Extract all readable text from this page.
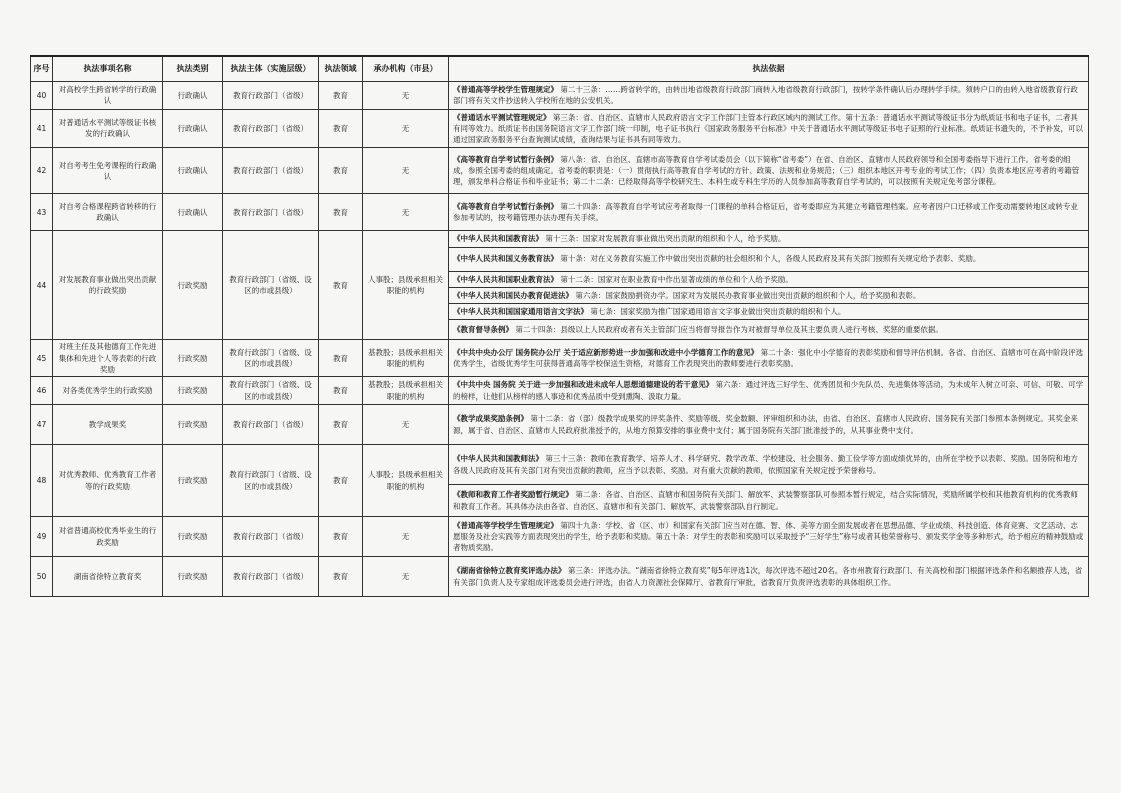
序号	执法事项名称	执法类别	执法主体（实施层级）	执法领域	承办机构（市县）	执法依据
40	对高校学生跨省转学的行政确认	行政确认	教育行政部门（省级）	教育	无	《普通高等学校学生管理规定》 第二十三条：……跨省转学的，由转出地省级教育行政部门商转入地省级教育行政部门，按转学条件确认后办理转学手续。须转户口的由转入地省级教育行政部门将有关文件抄送转入学校所在地的公安机关。
41	对普通话水平测试等级证书核发的行政确认	行政确认	教育行政部门（省级）	教育	无	《普通话水平测试管理规定》 第三条：省、自治区、直辖市人民政府语言文字工作部门主管本行政区域内的测试工作。第十五条：普通话水平测试等级证书分为纸质证书和电子证书，二者具有同等效力。纸质证书由国务院语言文字工作部门统一印制，电子证书执行《国家政务服务平台标准》中关于普通话水平测试等级证书电子证照的行业标准。纸质证书遗失的，不予补发，可以通过国家政务服务平台查询测试成绩，查询结果与证书具有同等效力。
42	对自考考生免考课程的行政确认	行政确认	教育行政部门（省级）	教育	无	《高等教育自学考试暂行条例》 第八条：省、自治区、直辖市高等教育自学考试委员会（以下简称“省考委”）在省、自治区、直辖市人民政府领导和全国考委指导下进行工作。省考委的组成，参照全国考委的组成确定。省考委的职责是：（一）贯彻执行高等教育自学考试的方针、政策、法规和业务规范；（三）组织本地区开考专业的考试工作；（四）负责本地区应考者的考籍管理，颁发单科合格证书和毕业证书；第二十二条：已经取得高等学校研究生、本科生或专科生学历的人员参加高等教育自学考试的，可以按照有关规定免考部分课程。
43	对自考合格课程跨省转移的行政确认	行政确认	教育行政部门（省级）	教育	无	《高等教育自学考试暂行条例》 第二十四条：高等教育自学考试应考者取得一门课程的单科合格证后，省考委即应为其建立考籍管理档案。应考者因户口迁移或工作变动需要转地区或转专业参加考试的，按考籍管理办法办理有关手续。
44	对发展教育事业做出突出贡献的行政奖励	行政奖励	教育行政部门（省级、设区的市或县级）	教育	人事股；县级承担相关职能的机构	《中华人民共和国教育法》 第十三条：国家对发展教育事业做出突出贡献的组织和个人，给予奖励。
						《中华人民共和国义务教育法》 第十条：对在义务教育实施工作中做出突出贡献的社会组织和个人，各级人民政府及其有关部门按照有关规定给予表彰、奖励。
						《中华人民共和国职业教育法》 第十二条：国家对在职业教育中作出显著成绩的单位和个人给予奖励。
						《中华人民共和国民办教育促进法》 第六条：国家鼓励捐资办学。国家对为发展民办教育事业做出突出贡献的组织和个人，给予奖励和表彰。
						《中华人民共和国国家通用语言文字法》 第七条：国家奖励为推广国家通用语言文字事业做出突出贡献的组织和个人。
						《教育督导条例》 第二十四条：县级以上人民政府或者有关主管部门应当将督导报告作为对被督导单位及其主要负责人进行考核、奖惩的重要依据。
45	对班主任及其他德育工作先进集体和先进个人等表彰的行政奖励	行政奖励	教育行政部门（省级、设区的市或县级）	教育	基教股；县级承担相关职能的机构	《中共中央办公厅 国务院办公厅 关于适应新形势进一步加强和改进中小学德育工作的意见》 第二十条：强化中小学德育的表彰奖励和督导评估机制。各省、自治区、直辖市可在高中阶段评选优秀学生，省级优秀学生可获得普通高等学校保送生资格，对德育工作表现突出的教师要进行表彰奖励。
46	对各类优秀学生的行政奖励	行政奖励	教育行政部门（省级、设区的市或县级）	教育	基教股；县级承担相关职能的机构	《中共中央 国务院 关于进一步加强和改进未成年人思想道德建设的若干意见》 第六条：通过评选三好学生、优秀团员和少先队员、先进集体等活动，为未成年人树立可亲、可信、可敬、可学的榜样，让他们从榜样的感人事迹和优秀品质中受到熏陶、汲取力量。
47	教学成果奖	行政奖励	教育行政部门（省级）	教育	无	《教学成果奖励条例》 第十二条：省（部）级教学成果奖的评奖条件、奖励等级、奖金数额、评审组织和办法，由省、自治区、直辖市人民政府、国务院有关部门参照本条例规定。其奖金来源，属于省、自治区、直辖市人民政府批准授予的，从地方预算安排的事业费中支付；属于国务院有关部门批准授予的，从其事业费中支付。
48	对优秀教师、优秀教育工作者等的行政奖励	行政奖励	教育行政部门（省级、设区的市或县级）	教育	人事股；县级承担相关职能的机构	《中华人民共和国教师法》 第三十三条：教师在教育教学、培养人才、科学研究、教学改革、学校建设、社会服务、勤工俭学等方面成绩优异的，由所在学校予以表彰、奖励。国务院和地方各级人民政府及其有关部门对有突出贡献的教师，应当予以表彰、奖励。对有重大贡献的教师，依照国家有关规定授予荣誉称号。
						《教师和教育工作者奖励暂行规定》 第二条：各省、自治区、直辖市和国务院有关部门、解放军、武装警察部队可参照本暂行规定，结合实际情况，奖励所属学校和其他教育机构的优秀教师和教育工作者。其具体办法由各省、自治区、直辖市和有关部门、解放军、武装警察部队自行制定。
49	对省普通高校优秀毕业生的行政奖励	行政奖励	教育行政部门（省级）	教育	无	《普通高等学校学生管理规定》 第四十九条：学校、省（区、市）和国家有关部门应当对在德、智、体、美等方面全面发展或者在思想品德、学业成绩、科技创造、体育竞赛、文艺活动、志愿服务及社会实践等方面表现突出的学生，给予表彰和奖励。第五十条：对学生的表彰和奖励可以采取授予“三好学生”称号或者其他荣誉称号、颁发奖学金等多种形式，给予相应的精神鼓励或者物质奖励。
50	湖南省徐特立教育奖	行政奖励	教育行政部门（省级）	教育	无	《湖南省徐特立教育奖评选办法》 第三条：评选办法。“湖南省徐特立教育奖”每5年评选1次，每次评选不超过20名。各市州教育行政部门、有关高校和部门根据评选条件和名额推荐人选，省有关部门负责人及专家组成评选委员会进行评选，由省人力资源社会保障厅、省教育厅审批，省教育厅负责评选表彰的具体组织工作。
